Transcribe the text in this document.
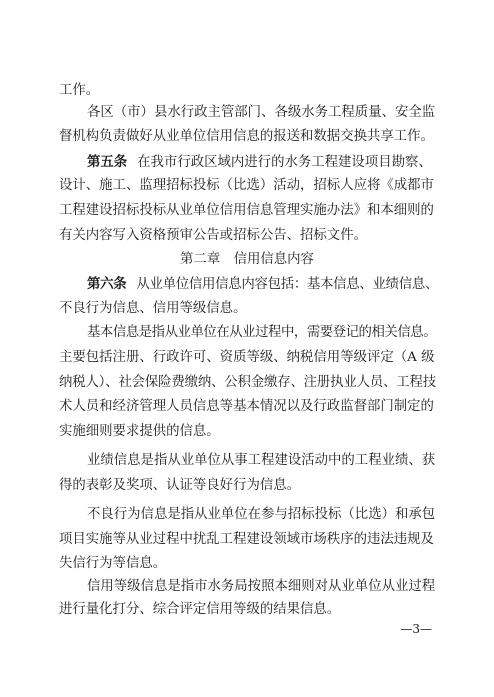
工作。
各区（市）县水行政主管部门、各级水务工程质量、安全监
督机构负责做好从业单位信用信息的报送和数据交换共享工作。
第五条 在我市行政区域内进行的水务工程建设项目勘察、
设计、施工、监理招标投标（比选）活动，招标人应将《成都市
工程建设招标投标从业单位信用信息管理实施办法》和本细则的
有关内容写入资格预审公告或招标公告、招标文件。
第二章　信用信息内容
第六条 从业单位信用信息内容包括：基本信息、业绩信息、
不良行为信息、信用等级信息。
基本信息是指从业单位在从业过程中，需要登记的相关信息。
主要包括注册、行政许可、资质等级、纳税信用等级评定（A 级
纳税人）、社会保险费缴纳、公积金缴存、注册执业人员、工程技
术人员和经济管理人员信息等基本情况以及行政监督部门制定的
实施细则要求提供的信息。
业绩信息是指从业单位从事工程建设活动中的工程业绩、获
得的表彰及奖项、认证等良好行为信息。
不良行为信息是指从业单位在参与招标投标（比选）和承包
项目实施等从业过程中扰乱工程建设领域市场秩序的违法违规及
失信行为等信息。
信用等级信息是指市水务局按照本细则对从业单位从业过程
进行量化打分、综合评定信用等级的结果信息。
—3—
